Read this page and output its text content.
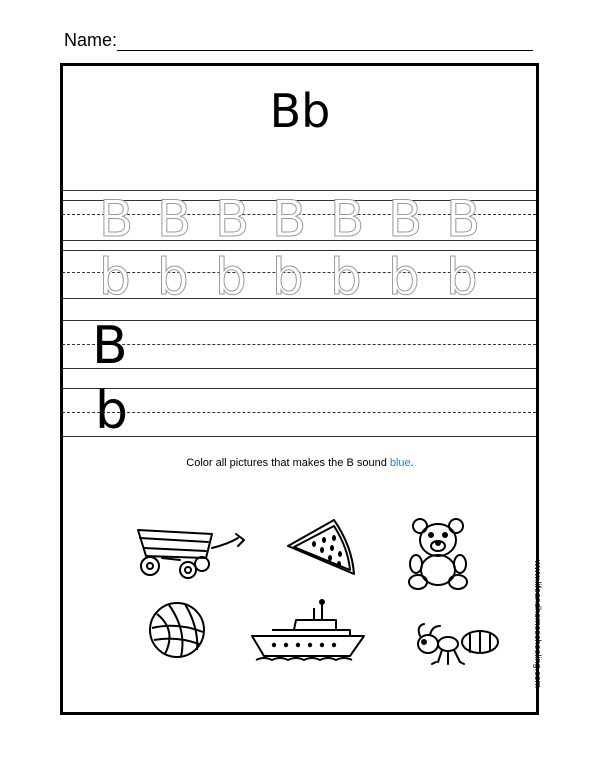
Name:
Bb
B B B B B B B
b b b b b b b
B
b
Color all pictures that makes the B sound blue.
www.lifeandhomeschooling.com
